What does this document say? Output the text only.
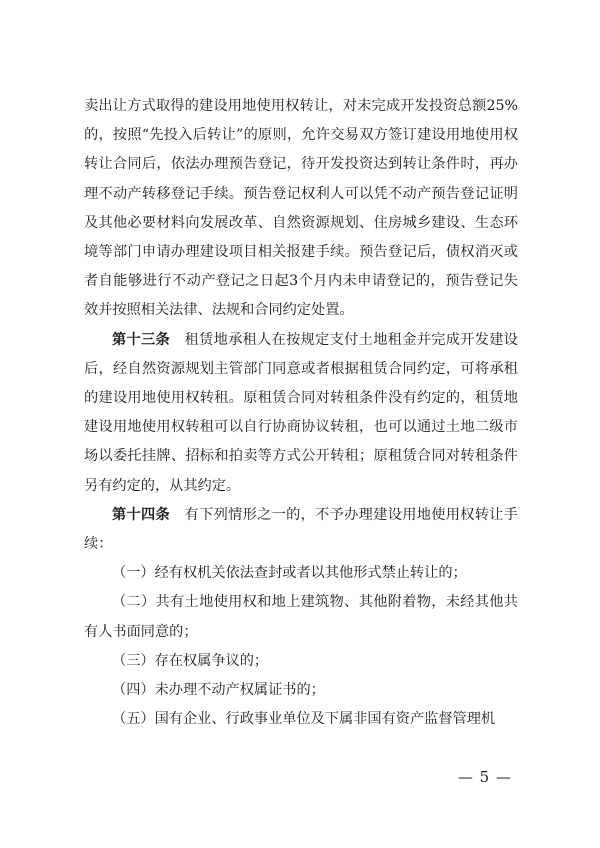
卖出让方式取得的建设用地使用权转让，对未完成开发投资总额25%的，按照“先投入后转让”的原则，允许交易双方签订建设用地使用权转让合同后，依法办理预告登记，待开发投资达到转让条件时，再办理不动产转移登记手续。预告登记权利人可以凭不动产预告登记证明及其他必要材料向发展改革、自然资源规划、住房城乡建设、生态环境等部门申请办理建设项目相关报建手续。预告登记后，债权消灭或者自能够进行不动产登记之日起3个月内未申请登记的，预告登记失效并按照相关法律、法规和合同约定处置。

第十三条　 租赁地承租人在按规定支付土地租金并完成开发建设后，经自然资源规划主管部门同意或者根据租赁合同约定，可将承租的建设用地使用权转租。原租赁合同对转租条件没有约定的，租赁地建设用地使用权转租可以自行协商协议转租，也可以通过土地二级市场以委托挂牌、招标和拍卖等方式公开转租；原租赁合同对转租条件另有约定的，从其约定。

第十四条　 有下列情形之一的，不予办理建设用地使用权转让手续：

（一）经有权机关依法查封或者以其他形式禁止转让的；

（二）共有土地使用权和地上建筑物、其他附着物，未经其他共有人书面同意的；

（三）存在权属争议的；

（四）未办理不动产权属证书的；

（五）国有企业、行政事业单位及下属非国有资产监督管理机

— 5 —
